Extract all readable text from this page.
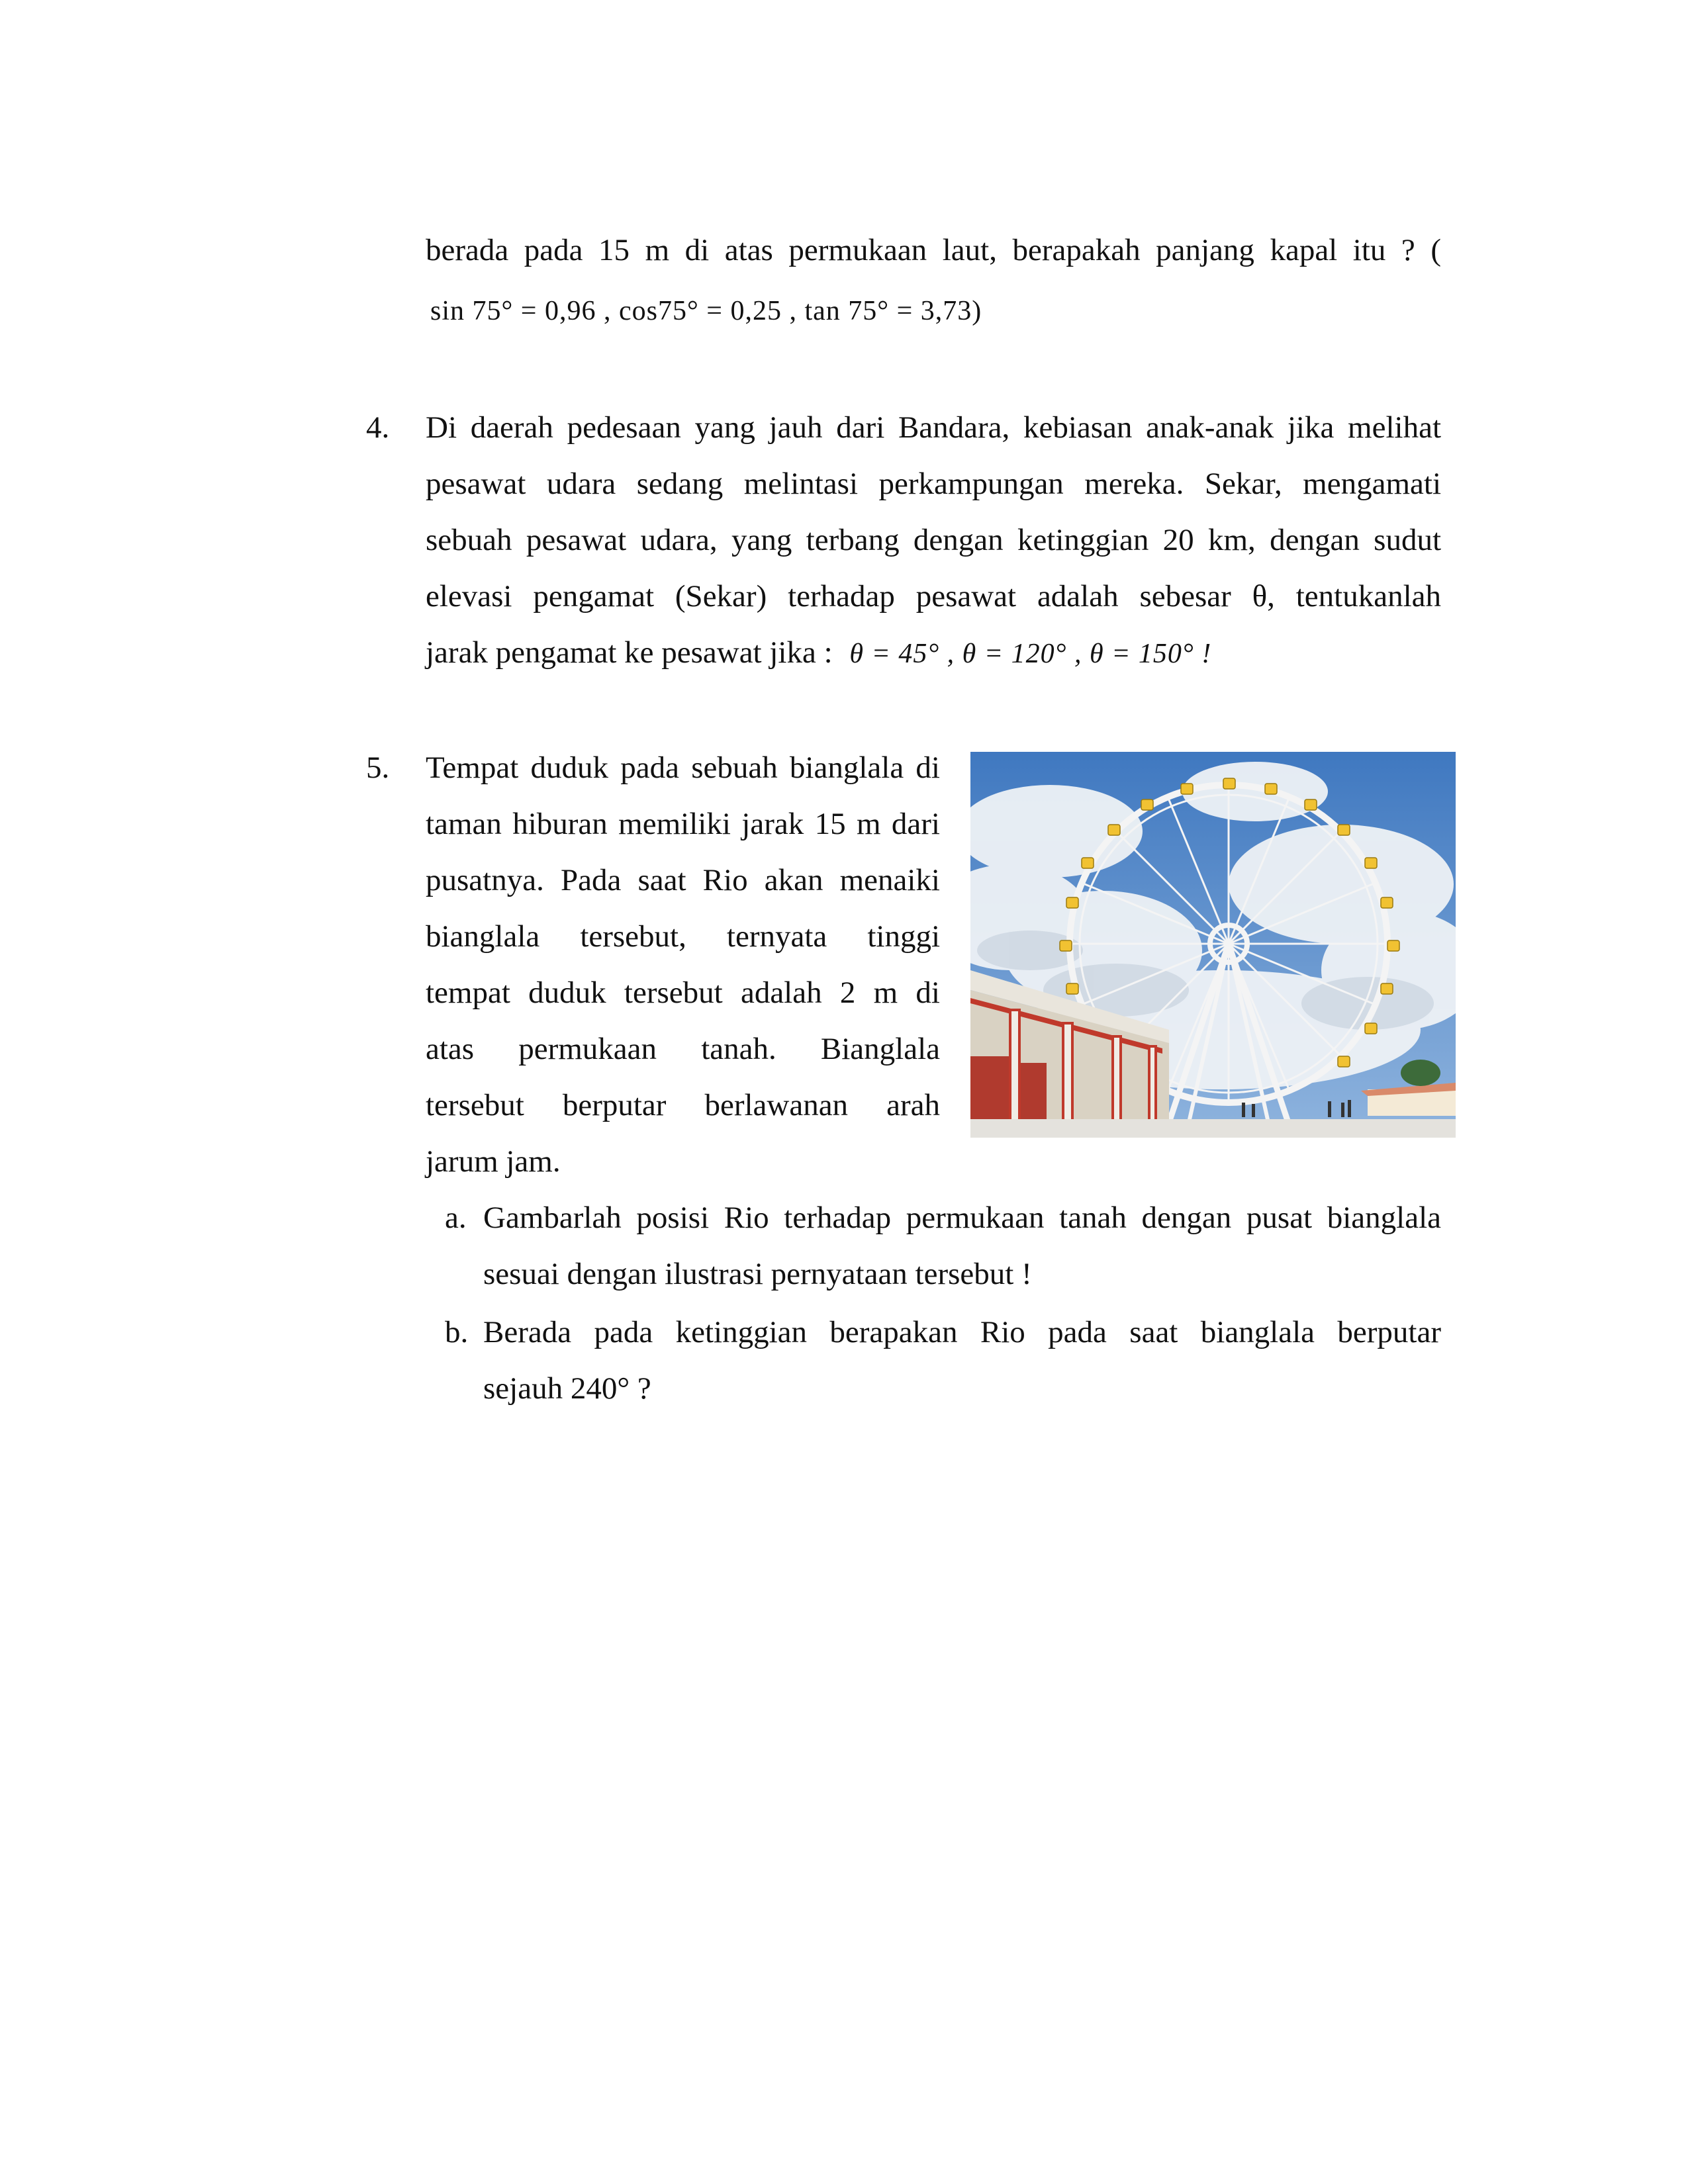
berada pada 15 m di atas permukaan laut, berapakah panjang kapal itu ? (
sin 75° = 0,96 , cos75° = 0,25 , tan 75° = 3,73)
4. Di daerah pedesaan yang jauh dari Bandara, kebiasan anak-anak jika melihat
pesawat udara sedang melintasi perkampungan mereka. Sekar, mengamati
sebuah pesawat udara, yang terbang dengan ketinggian 20 km, dengan sudut
elevasi pengamat (Sekar) terhadap pesawat adalah sebesar θ, tentukanlah
jarak pengamat ke pesawat jika : θ = 45° , θ = 120° , θ = 150° !
5. Tempat duduk pada sebuah bianglala di
taman hiburan memiliki jarak 15 m dari
pusatnya. Pada saat Rio akan menaiki
bianglala tersebut, ternyata tinggi
tempat duduk tersebut adalah 2 m di
atas permukaan tanah. Bianglala
tersebut berputar berlawanan arah
jarum jam.
a. Gambarlah posisi Rio terhadap permukaan tanah dengan pusat bianglala
sesuai dengan ilustrasi pernyataan tersebut !
b. Berada pada ketinggian berapakan Rio pada saat bianglala berputar
sejauh 240° ?
